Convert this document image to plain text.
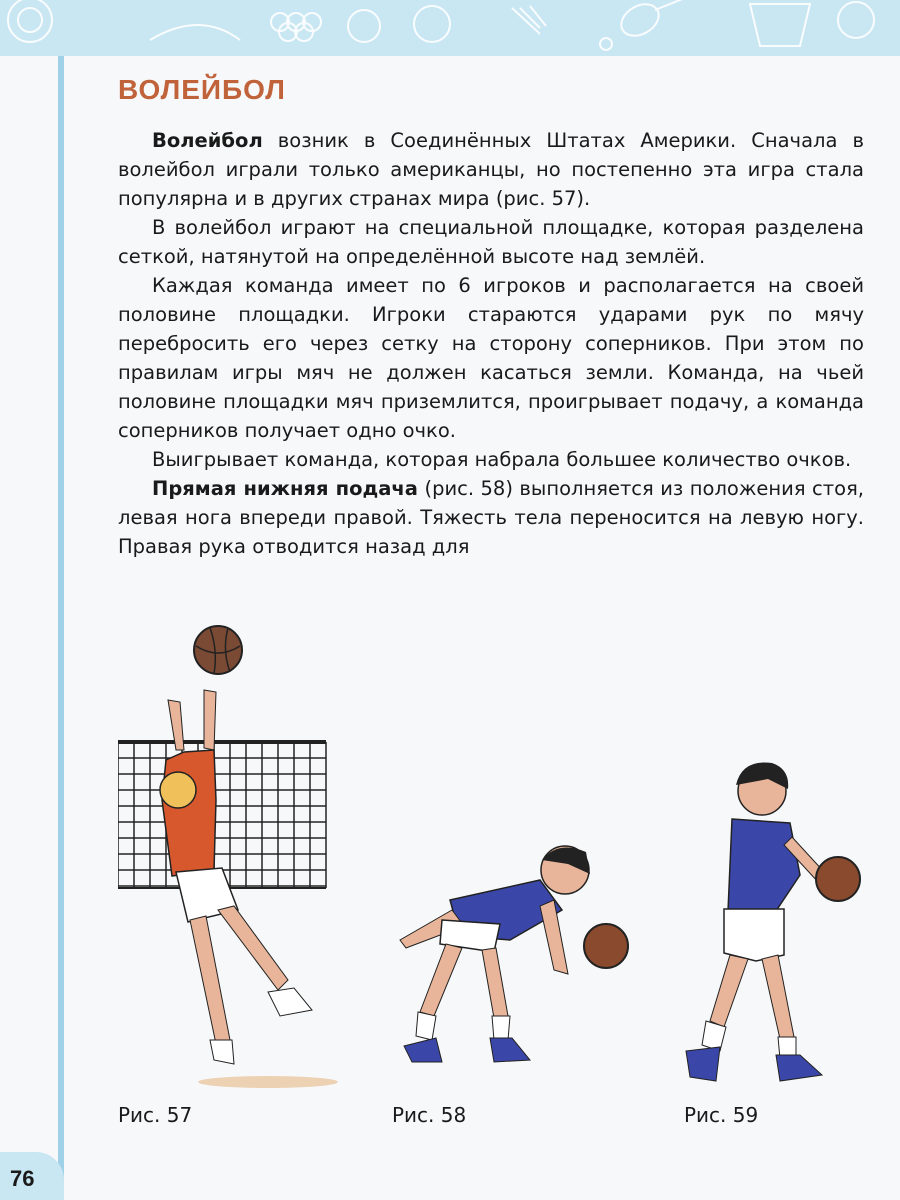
76
ВОЛЕЙБОЛ

Волейбол возник в Соединённых Штатах Америки. Сначала в волейбол играли только американцы, но постепенно эта игра стала популярна и в других странах мира (рис. 57).

В волейбол играют на специальной площадке, которая разделена сеткой, натянутой на определённой высоте над землёй.

Каждая команда имеет по 6 игроков и располагается на своей половине площадки. Игроки стараются ударами рук по мячу перебросить его через сетку на сторону соперников. При этом по правилам игры мяч не должен касаться земли. Команда, на чьей половине площадки мяч приземлится, проигрывает подачу, а команда соперников получает одно очко.

Выигрывает команда, которая набрала большее количество очков.

Прямая нижняя подача (рис. 58) выполняется из положения стоя, левая нога впереди правой. Тяжесть тела переносится на левую ногу. Правая рука отводится назад для

Рис. 57	Рис. 58	Рис. 59
